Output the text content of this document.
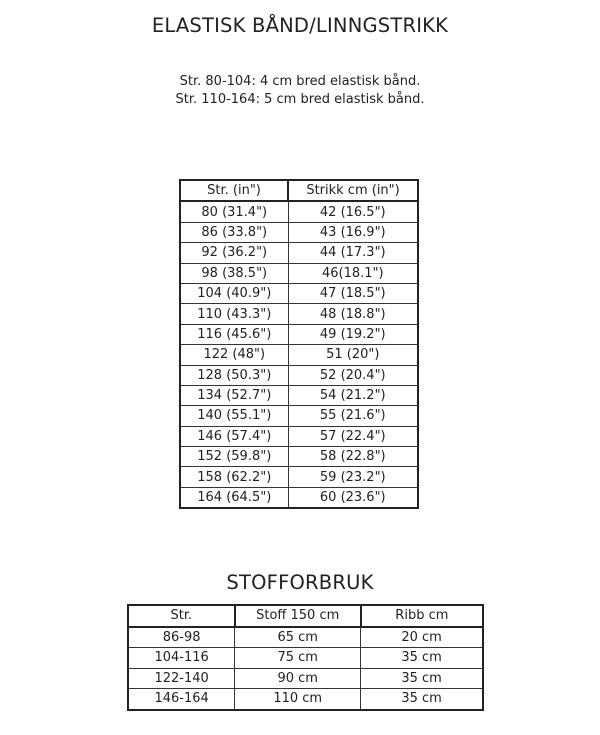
ELASTISK BÅND/LINNGSTRIKK

Str. 80-104: 4 cm bred elastisk bånd.

Str. 110-164: 5 cm bred elastisk bånd.

Str. (in")	Strikk cm (in")
80 (31.4")	42 (16.5")
86 (33.8")	43 (16.9")
92 (36.2")	44 (17.3")
98 (38.5")	46(18.1")
104 (40.9")	47 (18.5")
110 (43.3")	48 (18.8")
116 (45.6")	49 (19.2")
122 (48")	51 (20")
128 (50.3")	52 (20.4")
134 (52.7")	54 (21.2")
140 (55.1")	55 (21.6")
146 (57.4")	57 (22.4")
152 (59.8")	58 (22.8")
158 (62.2")	59 (23.2")
164 (64.5")	60 (23.6")
STOFFORBRUK
Str.	Stoff 150 cm	Ribb cm
86-98	65 cm	20 cm
104-116	75 cm	35 cm
122-140	90 cm	35 cm
146-164	110 cm	35 cm
